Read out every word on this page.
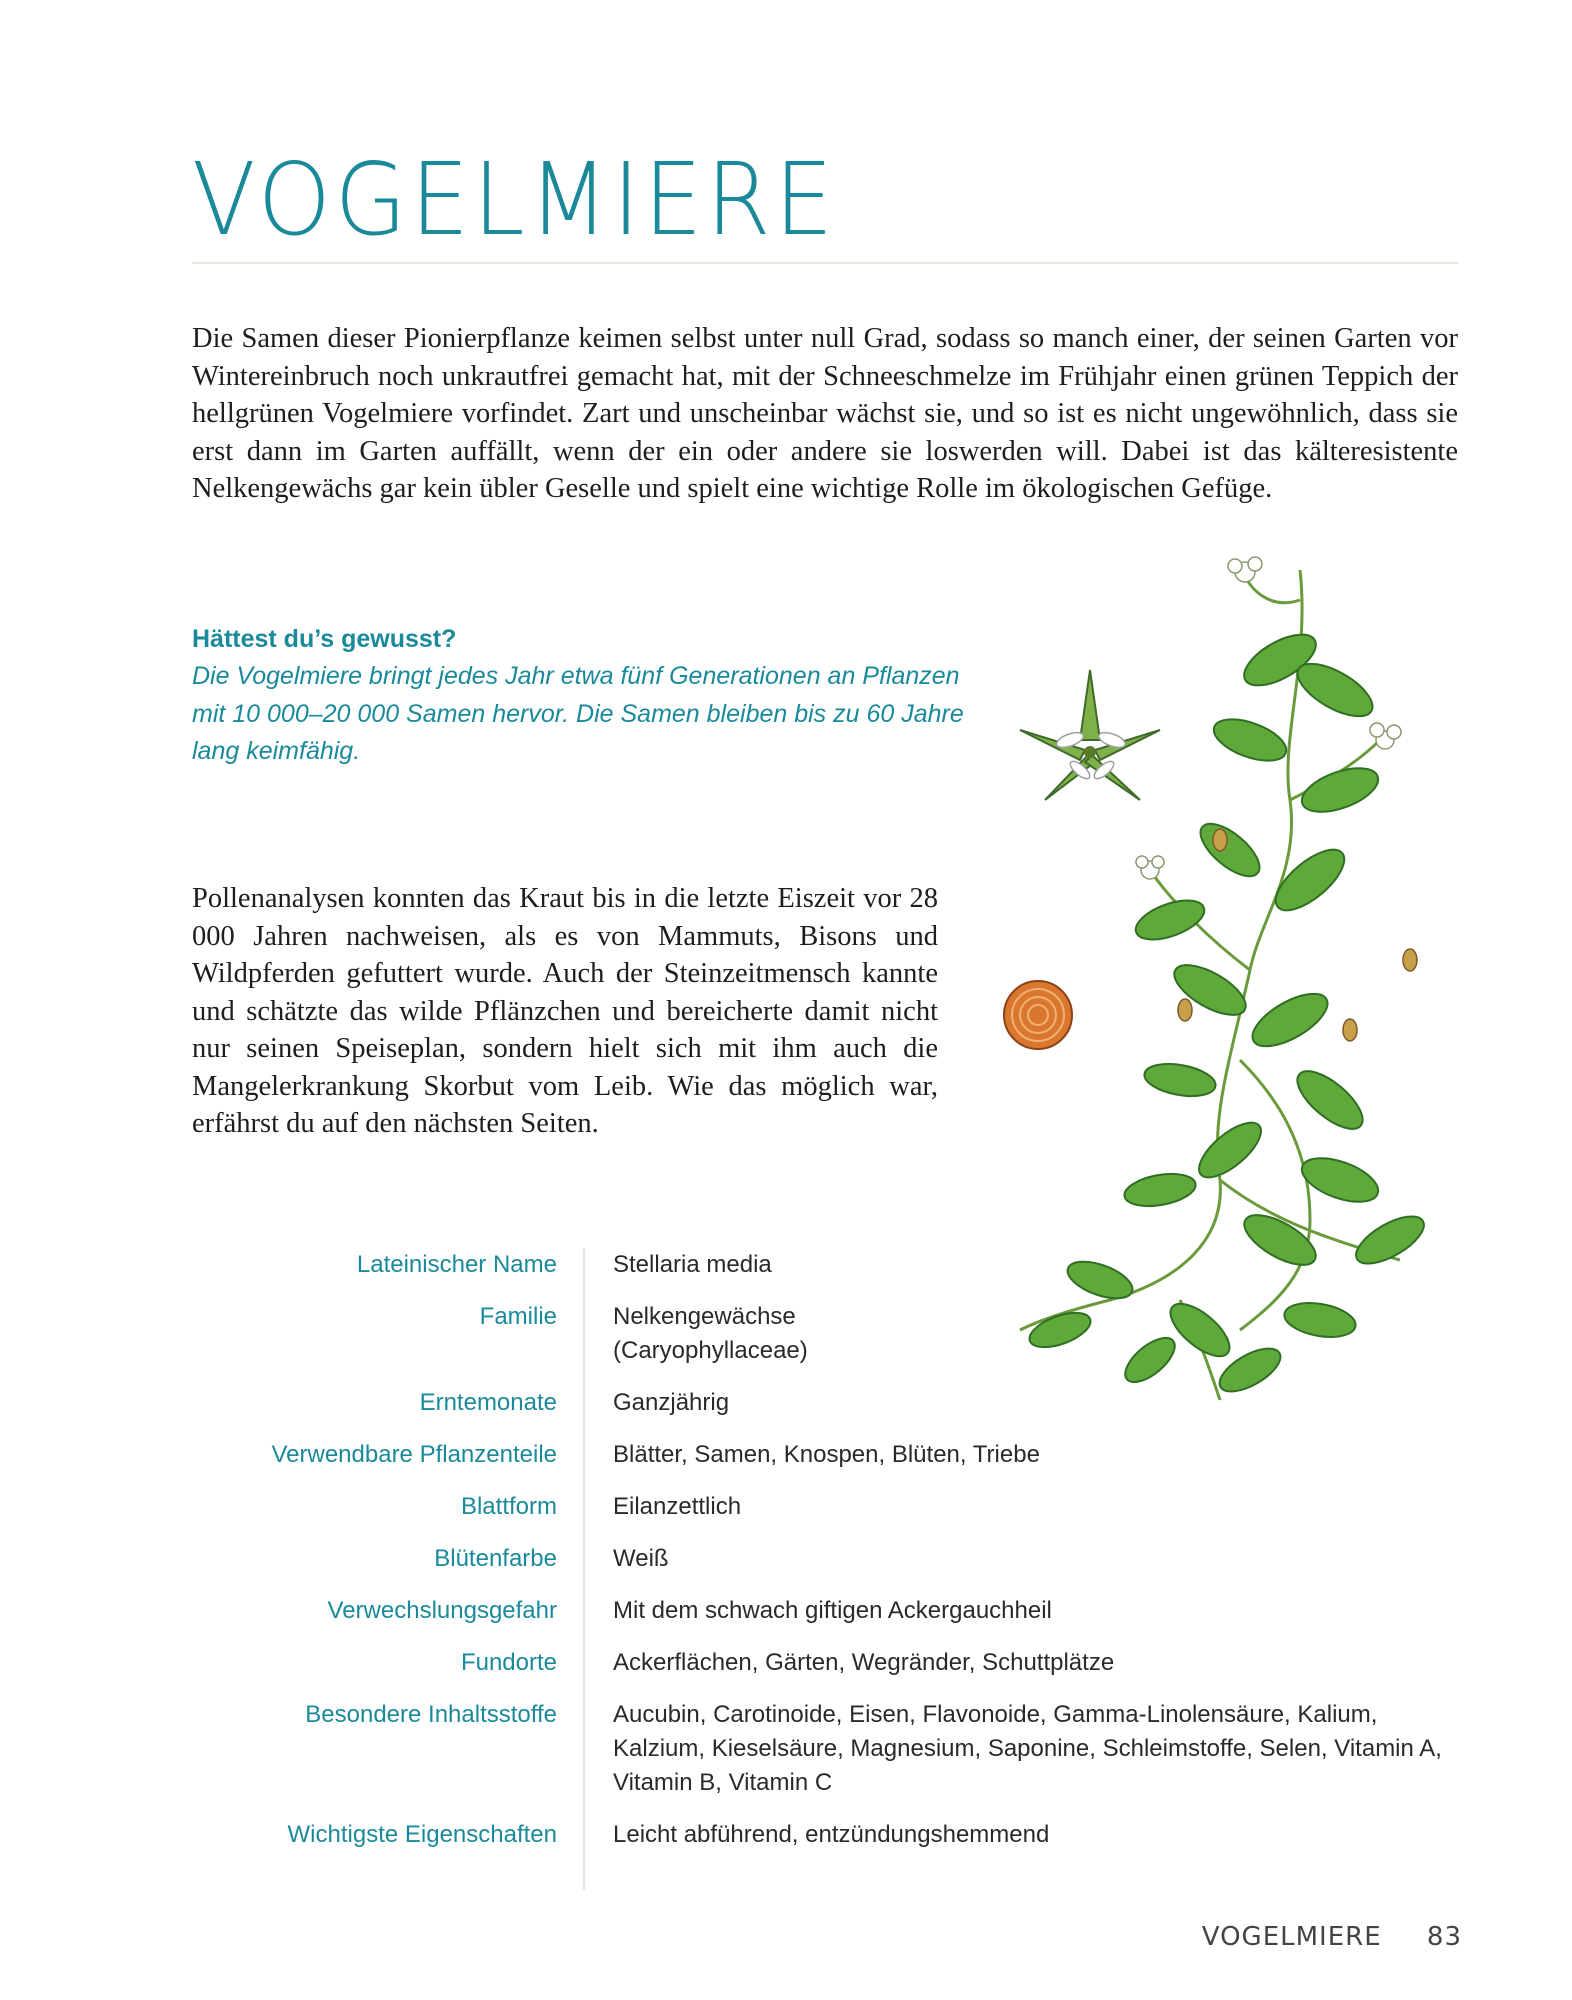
VOGELMIERE

Die Samen dieser Pionierpflanze keimen selbst unter null Grad, sodass so manch einer, der seinen Garten vor Wintereinbruch noch unkrautfrei gemacht hat, mit der Schneeschmelze im Frühjahr einen grünen Teppich der hellgrünen Vogelmiere vorfindet. Zart und unscheinbar wächst sie, und so ist es nicht ungewöhnlich, dass sie erst dann im Garten auffällt, wenn der ein oder andere sie loswerden will. Dabei ist das kälteresistente Nelkengewächs gar kein übler Geselle und spielt eine wichtige Rolle im ökologischen Gefüge.

Hättest du’s gewusst?

Die Vogelmiere bringt jedes Jahr etwa fünf Generationen an Pflanzen mit 10 000–20 000 Samen hervor. Die Samen bleiben bis zu 60 Jahre lang keimfähig.

Pollenanalysen konnten das Kraut bis in die letzte Eiszeit vor 28 000 Jahren nachweisen, als es von Mammuts, Bisons und Wildpferden gefuttert wurde. Auch der Steinzeitmensch kannte und schätzte das wilde Pflänzchen und bereicherte damit nicht nur seinen Speiseplan, sondern hielt sich mit ihm auch die Mangelerkrankung Skorbut vom Leib. Wie das möglich war, erfährst du auf den nächsten Seiten.

Lateinischer Name Stellaria media
Familie Nelkengewächse (Caryophyllaceae)
Erntemonate Ganzjährig
Verwendbare Pflanzenteile Blätter, Samen, Knospen, Blüten, Triebe
Blattform Eilanzettlich
Blütenfarbe Weiß
Verwechslungsgefahr Mit dem schwach giftigen Ackergauchheil
Fundorte Ackerflächen, Gärten, Wegränder, Schuttplätze
Besondere Inhaltsstoffe Aucubin, Carotinoide, Eisen, Flavonoide, Gamma-Linolensäure, Kalium, Kalzium, Kieselsäure, Magnesium, Saponine, Schleimstoffe, Selen, Vitamin A, Vitamin B, Vitamin C
Wichtigste Eigenschaften Leicht abführend, entzündungshemmend
VOGELMIERE 83
